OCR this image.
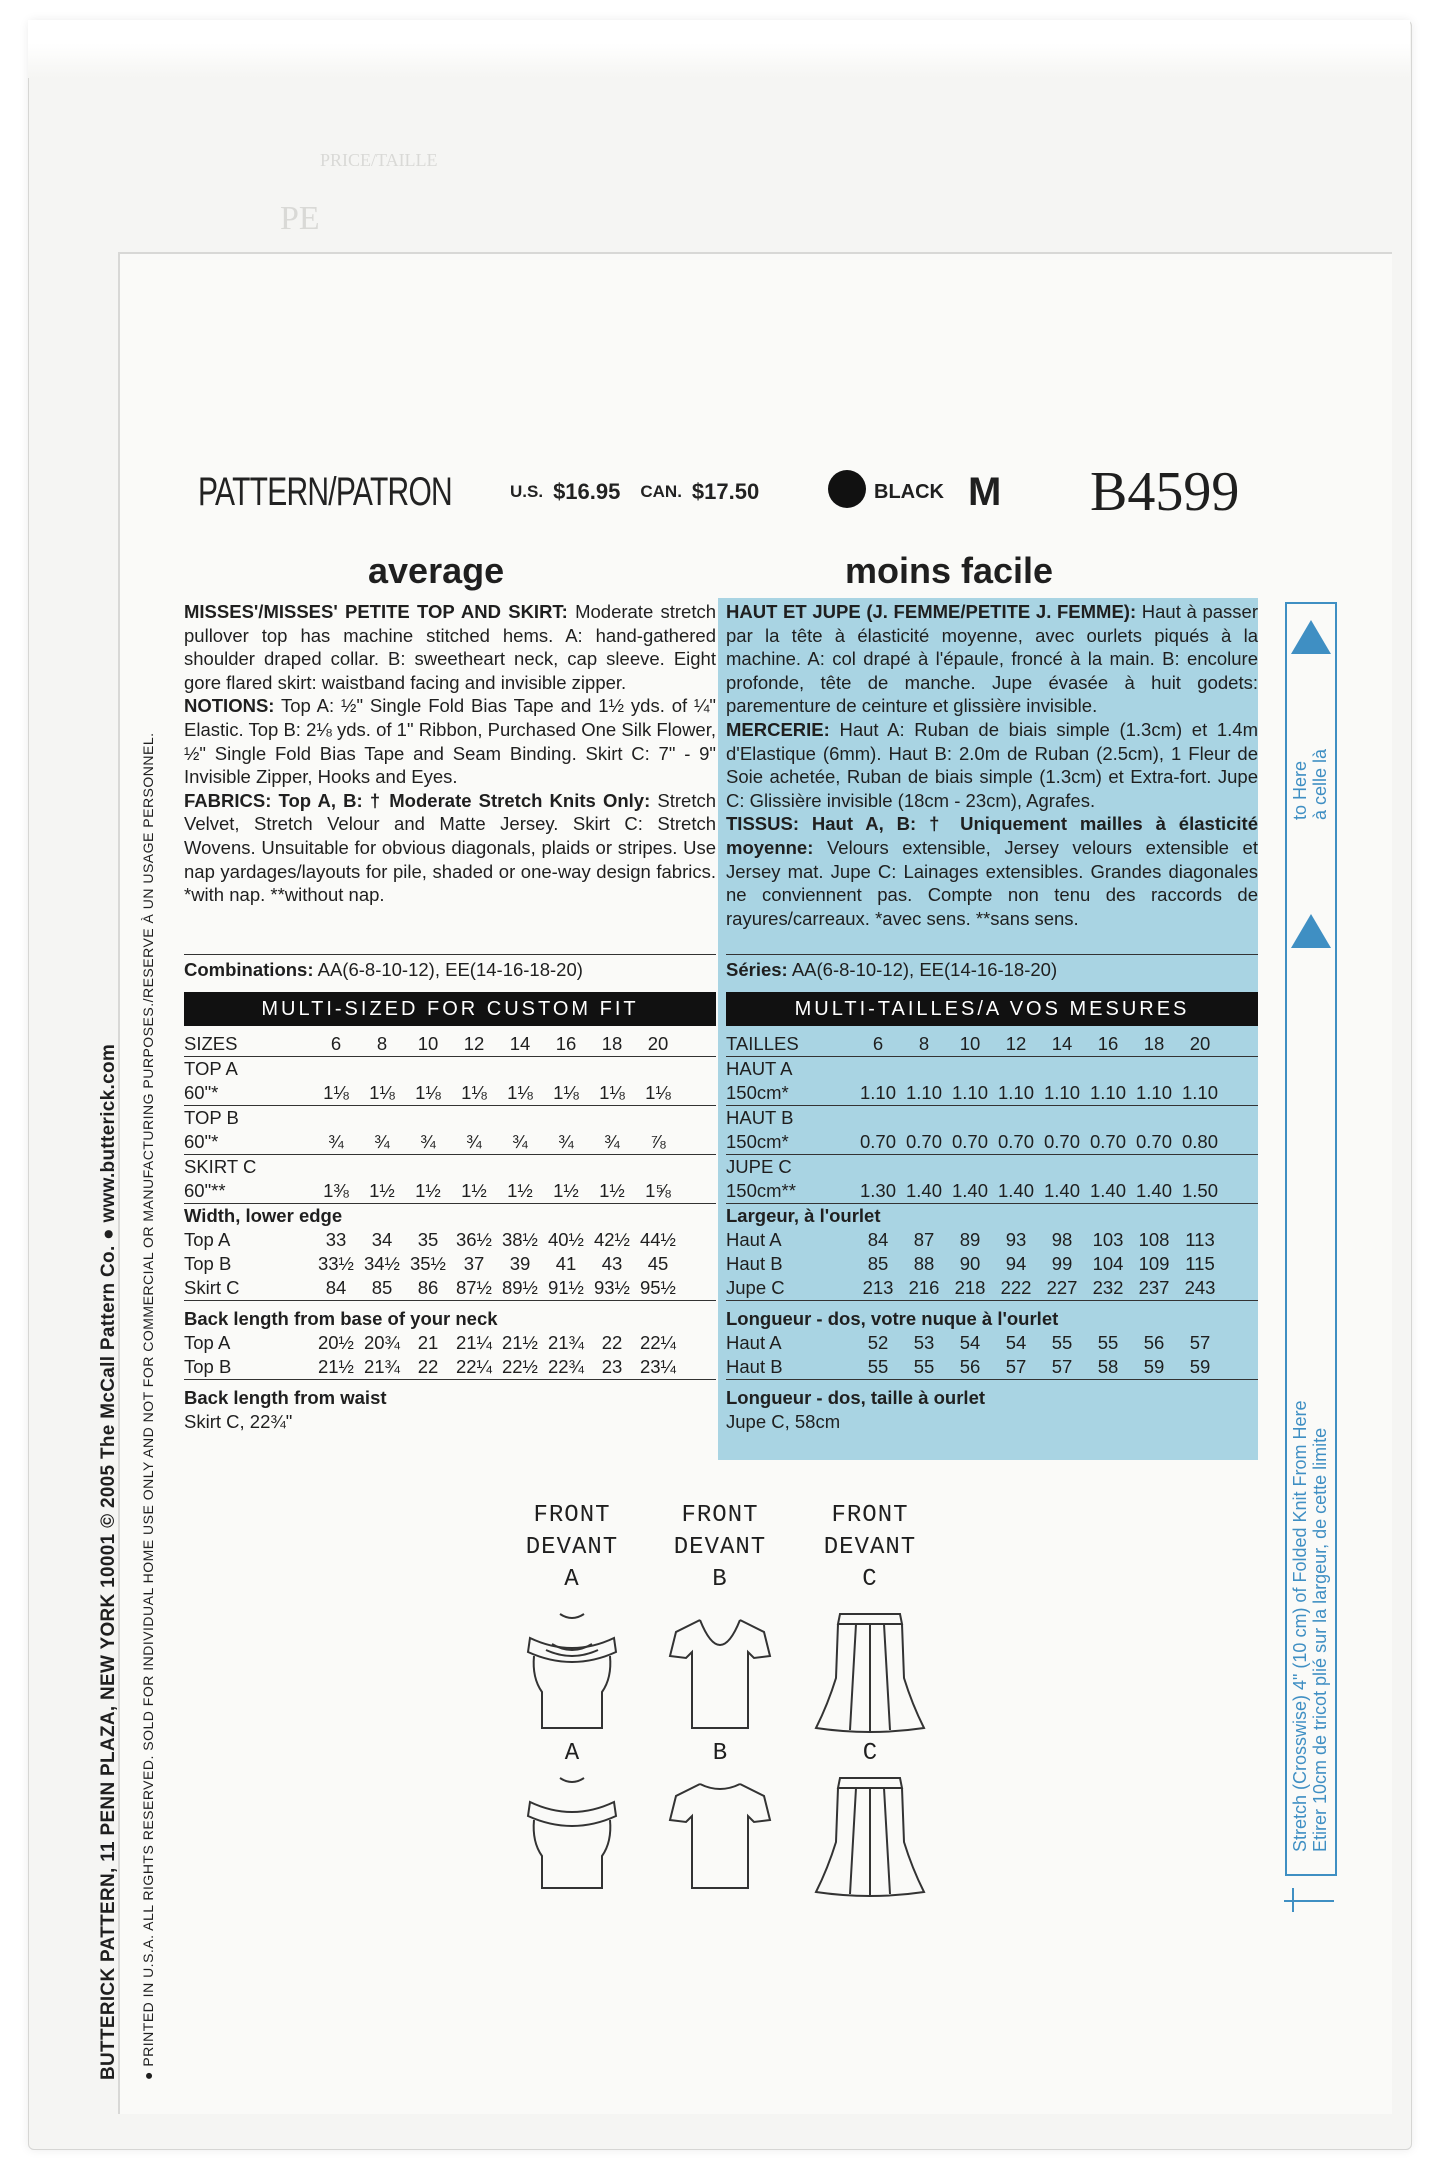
PRICE/TAILLE
PE
PATTERN/PATRON	U.S. $16.95 CAN. $17.50	BLACK M B4599
average	moins facile

MISSES'/MISSES' PETITE TOP AND SKIRT: Moderate stretch pullover top has machine stitched hems. A: hand-gathered shoulder draped collar. B: sweetheart neck, cap sleeve. Eight gore flared skirt: waistband facing and invisible zipper.

NOTIONS: Top A: ½" Single Fold Bias Tape and 1½ yds. of ¼" Elastic. Top B: 2⅛ yds. of 1" Ribbon, Purchased One Silk Flower, ½" Single Fold Bias Tape and Seam Binding. Skirt C: 7" - 9" Invisible Zipper, Hooks and Eyes.

FABRICS: Top A, B: † Moderate Stretch Knits Only: Stretch Velvet, Stretch Velour and Matte Jersey. Skirt C: Stretch Wovens. Unsuitable for obvious diagonals, plaids or stripes. Use nap yardages/layouts for pile, shaded or one-way design fabrics. *with nap. **without nap.

HAUT ET JUPE (J. FEMME/PETITE J. FEMME): Haut à passer par la tête à élasticité moyenne, avec ourlets piqués à la machine. A: col drapé à l'épaule, froncé à la main. B: encolure profonde, tête de manche. Jupe évasée à huit godets: parementure de ceinture et glissière invisible.

MERCERIE: Haut A: Ruban de biais simple (1.3cm) et 1.4m d'Elastique (6mm). Haut B: 2.0m de Ruban (2.5cm), 1 Fleur de Soie achetée, Ruban de biais simple (1.3cm) et Extra-fort. Jupe C: Glissière invisible (18cm - 23cm), Agrafes.

TISSUS: Haut A, B: † Uniquement mailles à élasticité moyenne: Velours extensible, Jersey velours extensible et Jersey mat. Jupe C: Lainages extensibles. Grandes diagonales ne conviennent pas. Compte non tenu des raccords de rayures/carreaux. *avec sens. **sans sens.

Combinations: AA(6-8-10-12), EE(14-16-18-20)	Séries: AA(6-8-10-12), EE(14-16-18-20)
MULTI-SIZED FOR CUSTOM FIT	MULTI-TAILLES/A VOS MESURES
SIZES	6	8	10	12	14	16	18	20
TOP A
60"*	1⅛	1⅛	1⅛	1⅛	1⅛	1⅛	1⅛	1⅛
TOP B
60"*	¾	¾	¾	¾	¾	¾	¾	⅞
SKIRT C
60"**	1⅜	1½	1½	1½	1½	1½	1½	1⅝
Width, lower edge
Top A	33	34	35 36½ 38½ 40½ 42½ 44½
Top B	33½ 34½ 35½ 37	39	41	43	45
Skirt C	84	85	86 87½ 89½ 91½ 93½ 95½
Back length from base of your neck
Top A	20½ 20¾ 21 21¼ 21½ 21¾ 22 22¼
Top B	21½ 21¾ 22 22¼ 22½ 22¾ 23 23¼
Back length from waist
Skirt C, 22¾"
TAILLES	6	8	10	12	14	16	18	20
HAUT A
150cm*	1.10 1.10 1.10 1.10 1.10 1.10 1.10 1.10
HAUT B
150cm*	0.70 0.70 0.70 0.70 0.70 0.70 0.70 0.80
JUPE C
150cm**	1.30 1.40 1.40 1.40 1.40 1.40 1.40 1.50
Largeur, à l'ourlet
Haut A	84	87	89	93	98	103 108 113
Haut B	85	88	90	94	99	104 109 115
Jupe C	213 216 218 222 227 232 237 243
Longueur - dos, votre nuque à l'ourlet
Haut A	52	53	54	54	55	55	56	57
Haut B	55	55	56	57	57	58	59	59
Longueur - dos, taille à ourlet
Jupe C, 58cm
FRONT
DEVANT
A
FRONT
DEVANT
B
FRONT
DEVANT
C
A	B	C
BUTTERICK PATTERN, 11 PENN PLAZA, NEW YORK 10001 © 2005 The McCall Pattern Co. ● www.butterick.com ● PRINTED IN U.S.A. ALL RIGHTS RESERVED. SOLD FOR INDIVIDUAL HOME USE ONLY AND NOT FOR COMMERCIAL OR MANUFACTURING PURPOSES./RESERVE À UN USAGE PERSONNEL.	to Here à celle là
Stretch (Crosswise) 4" (10 cm) of Folded Knit From Here Etirer 10cm de tricot plié sur la largeur, de cette limite
